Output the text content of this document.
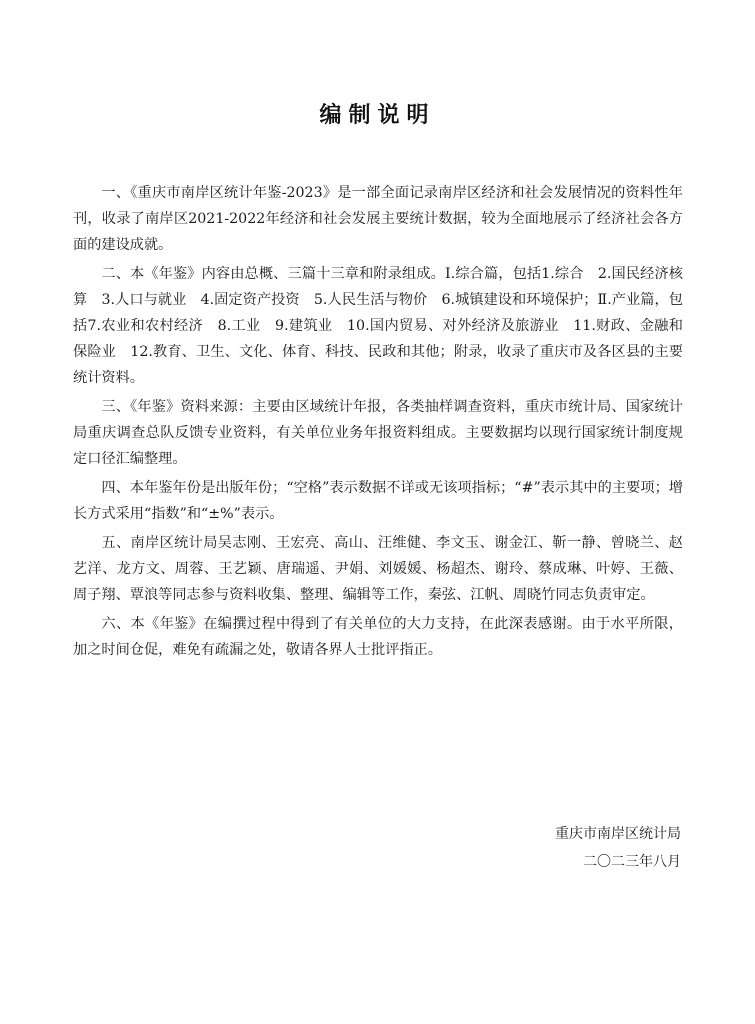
编制说明

一、《重庆市南岸区统计年鉴-2023》是一部全面记录南岸区经济和社会发展情况的资料性年刊，收录了南岸区2021-2022年经济和社会发展主要统计数据，较为全面地展示了经济社会各方面的建设成就。

二、本《年鉴》内容由总概、三篇十三章和附录组成。Ⅰ.综合篇，包括1.综合　2.国民经济核算　3.人口与就业　4.固定资产投资　5.人民生活与物价　6.城镇建设和环境保护；Ⅱ.产业篇，包括7.农业和农村经济　8.工业　9.建筑业　10.国内贸易、对外经济及旅游业　11.财政、金融和保险业　12.教育、卫生、文化、体育、科技、民政和其他；附录，收录了重庆市及各区县的主要统计资料。

三、《年鉴》资料来源：主要由区域统计年报，各类抽样调查资料，重庆市统计局、国家统计局重庆调查总队反馈专业资料，有关单位业务年报资料组成。主要数据均以现行国家统计制度规定口径汇编整理。

四、本年鉴年份是出版年份；“空格”表示数据不详或无该项指标；“#”表示其中的主要项；增长方式采用“指数”和“±%”表示。

五、南岸区统计局吴志刚、王宏亮、高山、汪维健、李文玉、谢金江、靳一静、曾晓兰、赵艺洋、龙方文、周蓉、王艺颖、唐瑞遥、尹娟、刘媛媛、杨超杰、谢玲、蔡成琳、叶婷、王薇、周子翔、覃浪等同志参与资料收集、整理、编辑等工作，秦弦、江帆、周晓竹同志负责审定。

六、本《年鉴》在编撰过程中得到了有关单位的大力支持，在此深表感谢。由于水平所限，加之时间仓促，难免有疏漏之处，敬请各界人士批评指正。

重庆市南岸区统计局
二〇二三年八月
